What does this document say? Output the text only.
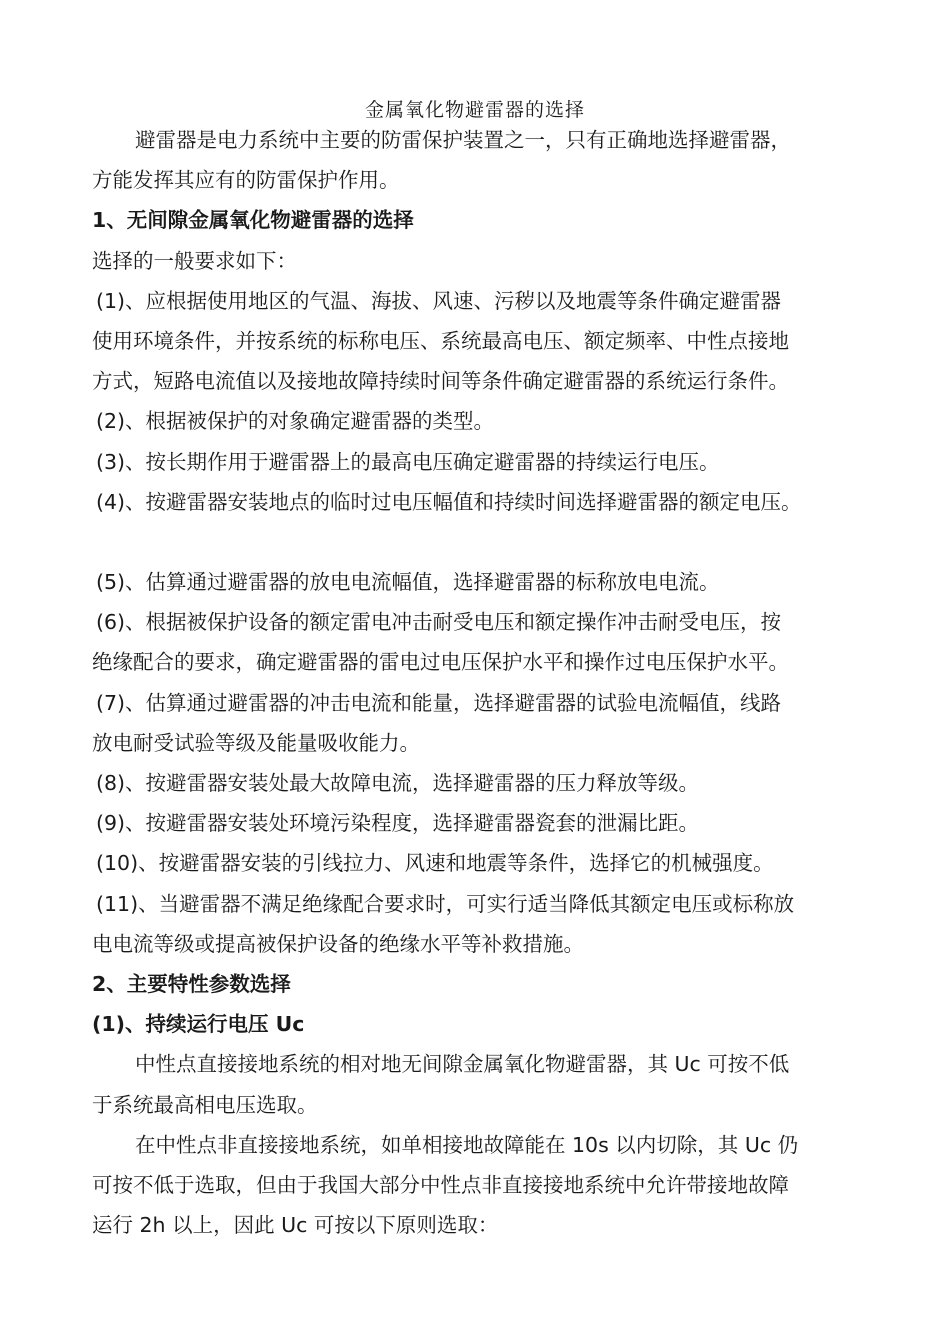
金属氧化物避雷器的选择
避雷器是电力系统中主要的防雷保护装置之一，只有正确地选择避雷器，
方能发挥其应有的防雷保护作用。
1、无间隙金属氧化物避雷器的选择
选择的一般要求如下：
(1)、应根据使用地区的气温、海拔、风速、污秽以及地震等条件确定避雷器
使用环境条件，并按系统的标称电压、系统最高电压、额定频率、中性点接地
方式，短路电流值以及接地故障持续时间等条件确定避雷器的系统运行条件。
(2)、根据被保护的对象确定避雷器的类型。
(3)、按长期作用于避雷器上的最高电压确定避雷器的持续运行电压。
(4)、按避雷器安装地点的临时过电压幅值和持续时间选择避雷器的额定电压。
(5)、估算通过避雷器的放电电流幅值，选择避雷器的标称放电电流。
(6)、根据被保护设备的额定雷电冲击耐受电压和额定操作冲击耐受电压，按
绝缘配合的要求，确定避雷器的雷电过电压保护水平和操作过电压保护水平。
(7)、估算通过避雷器的冲击电流和能量，选择避雷器的试验电流幅值，线路
放电耐受试验等级及能量吸收能力。
(8)、按避雷器安装处最大故障电流，选择避雷器的压力释放等级。
(9)、按避雷器安装处环境污染程度，选择避雷器瓷套的泄漏比距。
(10)、按避雷器安装的引线拉力、风速和地震等条件，选择它的机械强度。
(11)、当避雷器不满足绝缘配合要求时，可实行适当降低其额定电压或标称放
电电流等级或提高被保护设备的绝缘水平等补救措施。
2、主要特性参数选择
(1)、持续运行电压 Uc
中性点直接接地系统的相对地无间隙金属氧化物避雷器，其 Uc 可按不低
于系统最高相电压选取。
在中性点非直接接地系统，如单相接地故障能在 10s 以内切除，其 Uc 仍
可按不低于选取，但由于我国大部分中性点非直接接地系统中允许带接地故障
运行 2h 以上，因此 Uc 可按以下原则选取：
